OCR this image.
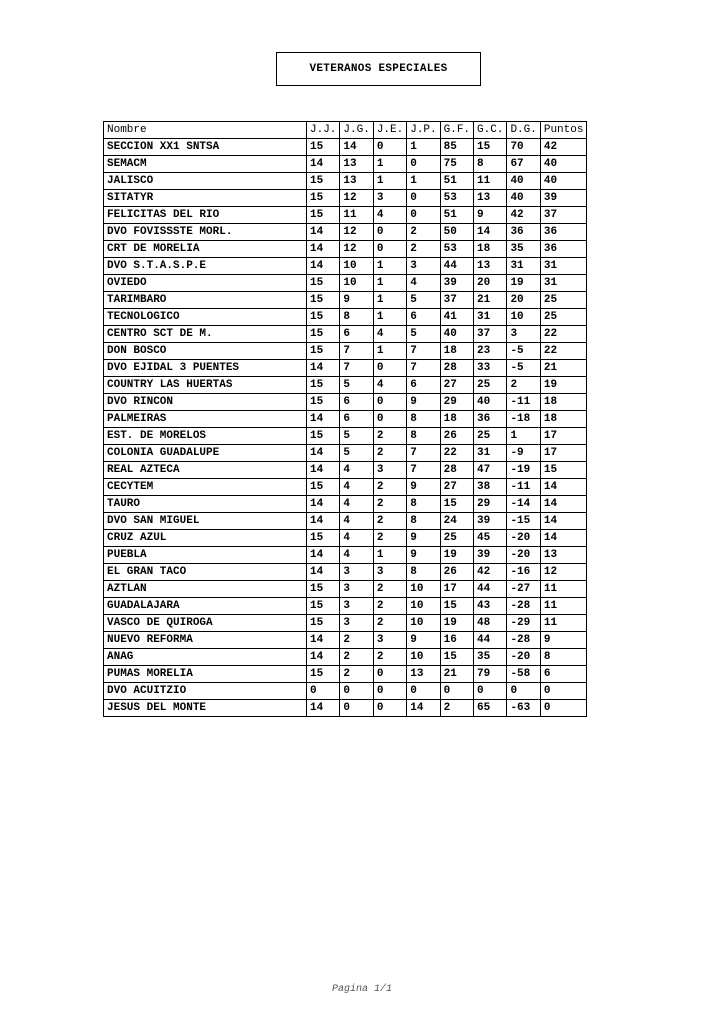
VETERANOS ESPECIALES
Nombre	J.J.	J.G.	J.E.	J.P.	G.F.	G.C.	D.G.	Puntos
SECCION XX1 SNTSA	15	14	0	1	85	15	70	42
SEMACM	14	13	1	0	75	8	67	40
JALISCO	15	13	1	1	51	11	40	40
SITATYR	15	12	3	0	53	13	40	39
FELICITAS DEL RIO	15	11	4	0	51	9	42	37
DVO FOVISSSTE MORL.	14	12	0	2	50	14	36	36
CRT DE MORELIA	14	12	0	2	53	18	35	36
DVO S.T.A.S.P.E	14	10	1	3	44	13	31	31
OVIEDO	15	10	1	4	39	20	19	31
TARIMBARO	15	9	1	5	37	21	20	25
TECNOLOGICO	15	8	1	6	41	31	10	25
CENTRO SCT DE M.	15	6	4	5	40	37	3	22
DON BOSCO	15	7	1	7	18	23	-5	22
DVO EJIDAL 3 PUENTES	14	7	0	7	28	33	-5	21
COUNTRY LAS HUERTAS	15	5	4	6	27	25	2	19
DVO RINCON	15	6	0	9	29	40	-11	18
PALMEIRAS	14	6	0	8	18	36	-18	18
EST. DE MORELOS	15	5	2	8	26	25	1	17
COLONIA GUADALUPE	14	5	2	7	22	31	-9	17
REAL AZTECA	14	4	3	7	28	47	-19	15
CECYTEM	15	4	2	9	27	38	-11	14
TAURO	14	4	2	8	15	29	-14	14
DVO SAN MIGUEL	14	4	2	8	24	39	-15	14
CRUZ AZUL	15	4	2	9	25	45	-20	14
PUEBLA	14	4	1	9	19	39	-20	13
EL GRAN TACO	14	3	3	8	26	42	-16	12
AZTLAN	15	3	2	10	17	44	-27	11
GUADALAJARA	15	3	2	10	15	43	-28	11
VASCO DE QUIROGA	15	3	2	10	19	48	-29	11
NUEVO REFORMA	14	2	3	9	16	44	-28	9
ANAG	14	2	2	10	15	35	-20	8
PUMAS MORELIA	15	2	0	13	21	79	-58	6
DVO ACUITZIO	0	0	0	0	0	0	0	0
JESUS DEL MONTE	14	0	0	14	2	65	-63	0
Pagina 1/1
